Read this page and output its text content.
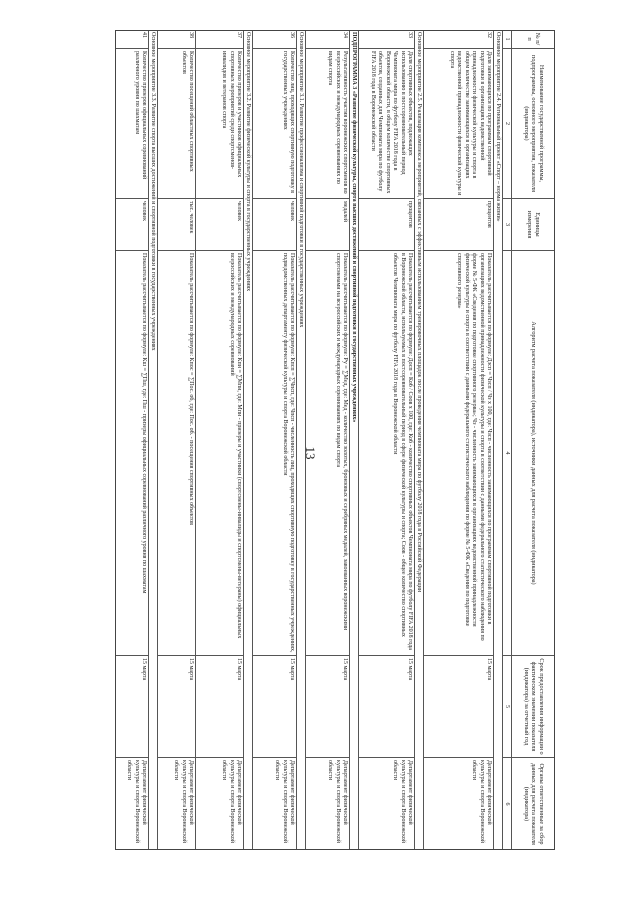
13
№ п/п
Наименование государственной программы, подпрограммы, основного мероприятия, показателя (индикатора)
Единицы измерения
Алгоритм расчета показателя (индикатора), источники данных для расчета показателя (индикатора)
Срок предоставления информации о фактическом значении показателя (индикатора) за отчетный год
Органы ответственные за сбор данных для расчета показателя (индикатора)
1
2
3
4
5
6
Основное мероприятие 2.4. Региональный проект «Спорт – норма жизни»
32
Доля занимающихся по программам спортивной подготовки в организациях ведомственной принадлежности физической культуры и спорта в общем количестве занимающихся в организациях ведомственной принадлежности физической культуры и спорта
процентов
Показатель рассчитывается по формуле: Дзсп = Чзсп / Чз х 100, где: Чзсп - численность занимающихся по программам спортивной подготовки в организациях ведомственной принадлежности физической культуры и спорта в соответствии с данными федерального статистического наблюдения по форме № 5-ФК «Сведения по подготовке спортивного резерва»; Чз - численность занимающихся в организациях ведомственной принадлежности физической культуры и спорта в соответствии с данными федерального статистического наблюдения по форме № 5-ФК «Сведения по подготовке спортивного резерва»
15 марта
Департамент физической культуры и спорта Воронежской области
Основное мероприятие 2.5. Реализация комплекса мероприятий, связанных с эффективным использованием тренировочных площадок после проведения чемпионата мира по футболу 2018 года в Российской Федерации
33
Доля спортивных объектов, подлежащих использованию в постсоревновательный период Чемпионата мира по футболу FIFA 2018 года в Воронежской области, в общем количестве спортивных объектов, созданных для Чемпионата мира по футболу FIFA 2018 года в Воронежской области
процентов
Показатель рассчитывается по формуле: Досп = Коб / Соов х 100, где: Коб - количество спортивных объектов Чемпионата мира по футболу FIFA 2018 года в Воронежской области, используемых в постсоревновательный период в сфере физической культуры и спорта; Соов - общее количество спортивных объектов Чемпионата мира по футболу FIFA 2018 года в Воронежской области
15 марта
Департамент физической культуры и спорта Воронежской области
ПОДПРОГРАММА 3 «Развитие физической культуры, спорта высших достижений и спортивной подготовки в государственных учреждениях»
34
Результативность участия воронежских спортсменов во всероссийских и международных соревнованиях по видам спорта
медалей
Показатель рассчитывается по формуле: Ру = ∑Mед, где: Мед - количество золотых, бронзовых и серебряных медалей, завоеванных воронежскими спортсменами на всероссийских и международных соревнованиях по видам спорта
15 марта
Департамент физической культуры и спорта Воронежской области
Основное мероприятие 3.1. Развитие профессионализма и спортивной подготовки в государственных учреждениях
36
Количество лиц, проходящих спортивную подготовку в государственных учреждениях
человек
Показатель рассчитывается по формуле: Кпсп = ∑Чпсп, где: Чпсп - численность лиц, проходящих спортивную подготовку в государственных учреждениях, подведомственных департаменту физической культуры и спорта Воронежской области
15 марта
Департамент физической культуры и спорта Воронежской области
Основное мероприятие 3.2. Развитие физической культуры и спорта в государственных учреждениях
37
Количество призеров и участников официальных спортивных мероприятий среди спортсменов-инвалидов и ветеранов спорта
человек
Показатель рассчитывается по формуле: Кпи = ∑Мпи, где: Мпи - призеры и участники (спортсмены-инвалиды и спортсмены-ветераны) официальных всероссийских и международных соревнований
15 марта
Департамент физической культуры и спорта Воронежской области
38
Количество посещений областных спортивных объектов
тыс. человек
Показатель рассчитывается по формуле: Кпос = ∑Пос. об, где: Пос. об. - посещения спортивных объектов
15 марта
Департамент физической культуры и спорта Воронежской области
Основное мероприятие 3.3. Развитие спорта высших достижений и спортивной подготовки в государственных учреждениях
41
Количество призеров официальных соревнований различного уровня по шахматам
человек
Показатель рассчитывается по формуле: Кш = ∑Пш, где: Пш - призеры официальных соревнований различного уровня по шахматам
15 марта
Департамент физической культуры и спорта Воронежской области
